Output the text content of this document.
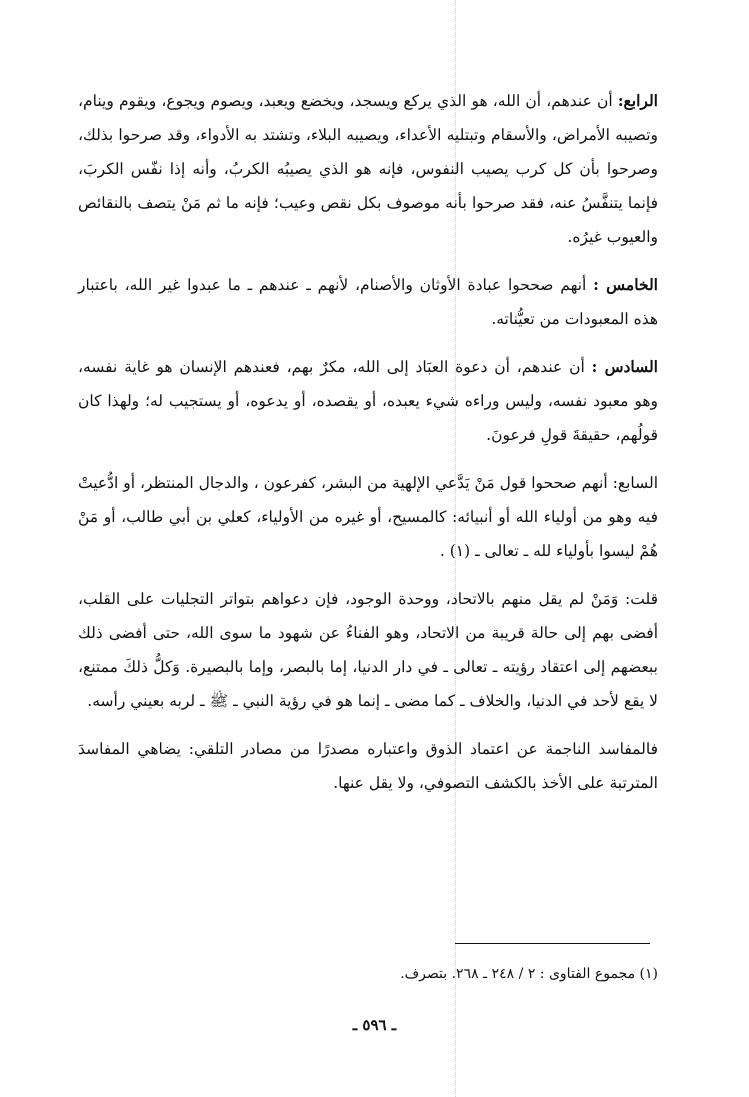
الرابع: أن عندهم، أن الله، هو الذي يركع ويسجد، ويخضع ويعبد، ويصوم ويجوع، ويقوم وينام، وتصيبه الأمراض، والأسقام وتبتليه الأعداء، ويصيبه البلاء، وتشتد به الأدواء، وقد صرحوا بذلك، وصرحوا بأن كل كرب يصيب النفوس، فإنه هو الذي يصيبُه الكربُ، وأنه إذا نفّس الكربَ، فإنما يتنفَّسُ عنه، فقد صرحوا بأنه موصوف بكل نقص وعيب؛ فإنه ما ثم مَنْ يتصف بالنقائص والعيوب غيرُه.

الخامس : أنهم صححوا عبادة الأوثان والأصنام، لأنهم ـ عندهم ـ ما عبدوا غير الله، باعتبار هذه المعبودات من تعيُّناته.

السادس : أن عندهم، أن دعوة العبَاد إلى الله، مكرٌ بهم، فعندهم الإنسان هو غاية نفسه، وهو معبود نفسه، وليس وراءه شيء يعبده، أو يقصده، أو يدعوه، أو يستجيب له؛ ولهذا كان قولُهم، حقيقةَ قولِ فرعونَ.

السابع: أنهم صححوا قول مَنْ يَدَّعي الإلهية من البشر، كفرعون ، والدجال المنتظر، أو ادُّعيتْ فيه وهو من أولياء الله أو أنبيائه: كالمسيح، أو غيره من الأولياء، كعلي بن أبي طالب، أو مَنْ هُمْ ليسوا بأولياء لله ـ تعالى ـ (١) .

قلت: وَمَنْ لم يقل منهم بالاتحاد، ووحدة الوجود، فإن دعواهم بتواتر التجليات على القلب، أفضى بهم إلى حالة قريبة من الاتحاد، وهو الفناءُ عن شهود ما سوى الله، حتى أفضى ذلك ببعضهم إلى اعتقاد رؤيته ـ تعالى ـ في دار الدنيا، إما بالبصر، وإما بالبصيرة. وَكلُّ ذلكَ ممتنع، لا يقع لأحد في الدنيا، والخلاف ـ كما مضى ـ إنما هو في رؤية النبي ـ ﷺ ـ لربه بعيني رأسه.

فالمفاسد الناجمة عن اعتماد الذوق واعتباره مصدرًا من مصادر التلقي: يضاهي المفاسدَ المترتبة على الأخذ بالكشف التصوفي، ولا يقل عنها.

(١) مجموع الفتاوى : ٢ / ٢٤٨ ـ ٢٦٨. بتصرف.
ـ ٥٩٦ ـ
